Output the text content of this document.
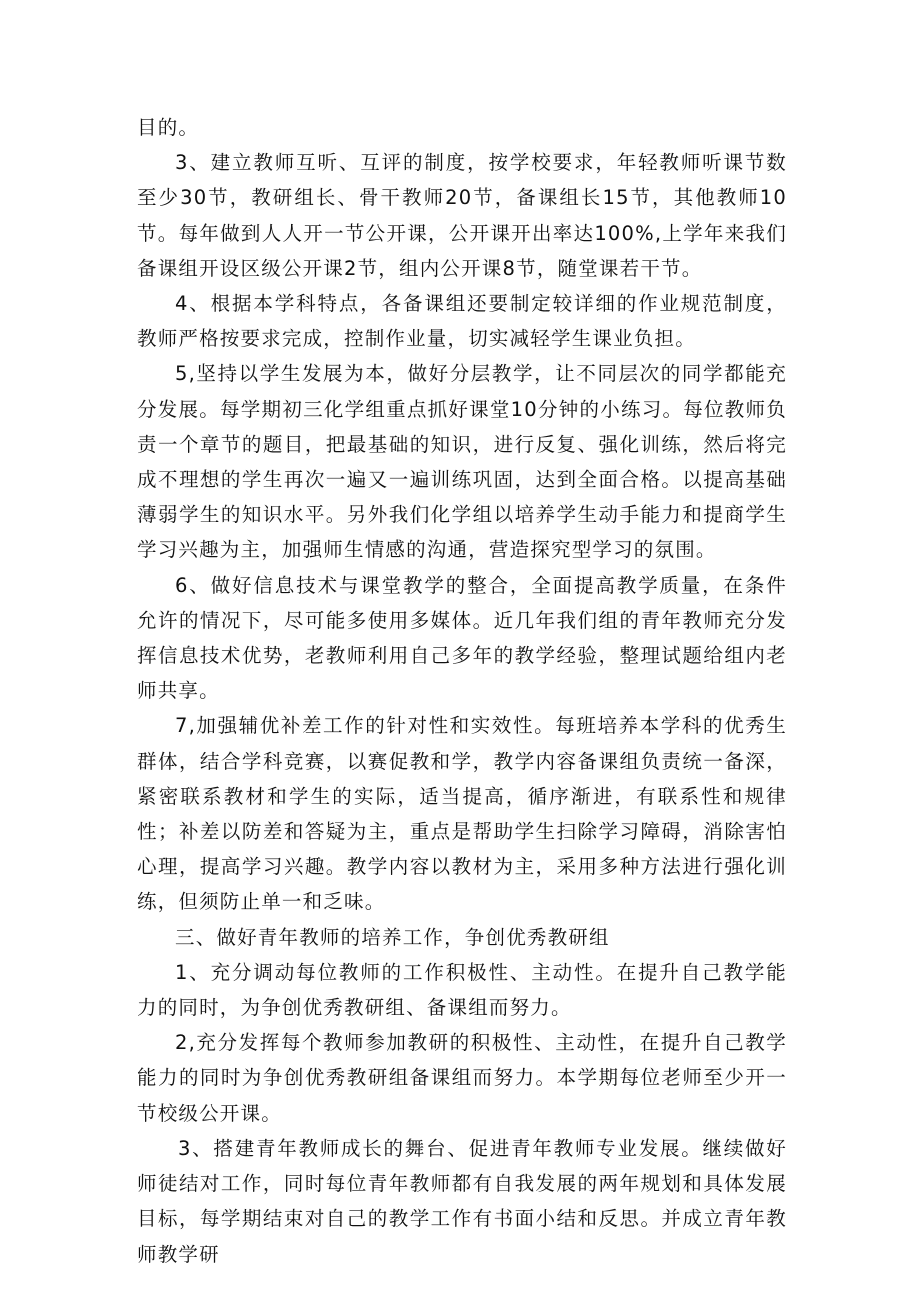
目的。

3、建立教师互听、互评的制度，按学校要求，年轻教师听课节数至少30节，教研组长、骨干教师20节，备课组长15节，其他教师10节。每年做到人人开一节公开课，公开课开出率达100%,上学年来我们备课组开设区级公开课2节，组内公开课8节，随堂课若干节。

4、根据本学科特点，各备课组还要制定较详细的作业规范制度，教师严格按要求完成，控制作业量，切实减轻学生课业负担。

5,坚持以学生发展为本，做好分层教学，让不同层次的同学都能充分发展。每学期初三化学组重点抓好课堂10分钟的小练习。每位教师负责一个章节的题目，把最基础的知识，进行反复、强化训练，然后将完成不理想的学生再次一遍又一遍训练巩固，达到全面合格。以提高基础薄弱学生的知识水平。另外我们化学组以培养学生动手能力和提商学生学习兴趣为主，加强师生情感的沟通，营造探究型学习的氛围。

6、做好信息技术与课堂教学的整合，全面提高教学质量，在条件允许的情况下，尽可能多使用多媒体。近几年我们组的青年教师充分发挥信息技术优势，老教师利用自己多年的教学经验，整理试题给组内老师共享。

7,加强辅优补差工作的针对性和实效性。每班培养本学科的优秀生群体，结合学科竞赛，以赛促教和学，教学内容备课组负责统一备深，紧密联系教材和学生的实际，适当提高，循序渐进，有联系性和规律性；补差以防差和答疑为主，重点是帮助学生扫除学习障碍，消除害怕心理，提高学习兴趣。教学内容以教材为主，采用多种方法进行强化训练，但须防止单一和乏味。

三、做好青年教师的培养工作，争创优秀教研组

1、充分调动每位教师的工作积极性、主动性。在提升自己教学能力的同时，为争创优秀教研组、备课组而努力。

2,充分发挥每个教师参加教研的积极性、主动性，在提升自己教学能力的同时为争创优秀教研组备课组而努力。本学期每位老师至少开一节校级公开课。

3、搭建青年教师成长的舞台、促进青年教师专业发展。继续做好师徒结对工作，同时每位青年教师都有自我发展的两年规划和具体发展目标，每学期结束对自己的教学工作有书面小结和反思。并成立青年教师教学研
